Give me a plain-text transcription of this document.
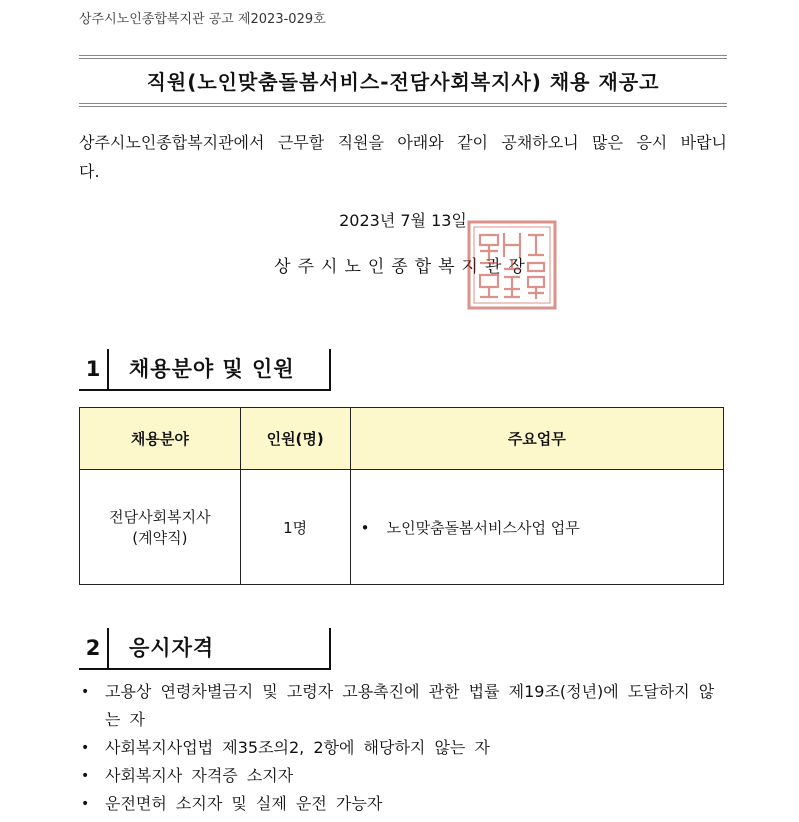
상주시노인종합복지관 공고 제2023-029호
직원(노인맞춤돌봄서비스-전담사회복지사) 채용 재공고
상주시노인종합복지관에서 근무할 직원을 아래와 같이 공채하오니 많은 응시 바랍니다.
2023년 7월 13일
상주시노인종합복지관장
1	채용분야 및 인원
채용분야	인원(명)	주요업무

전담사회복지사
(계약직)	1명	• 노인맞춤돌봄서비스사업 업무
2	응시자격
• 고용상 연령차별금지 및 고령자 고용촉진에 관한 법률 제19조(정년)에 도달하지 않는 자
• 사회복지사업법 제35조의2, 2항에 해당하지 않는 자
• 사회복지사 자격증 소지자
• 운전면허 소지자 및 실제 운전 가능자
